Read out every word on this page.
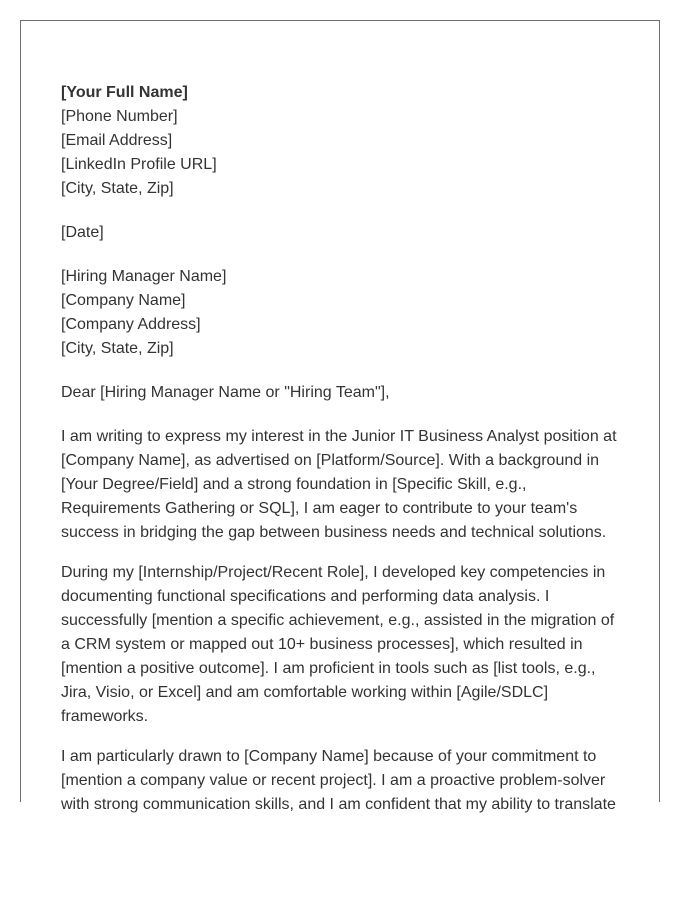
[Your Full Name]
[Phone Number]
[Email Address]
[LinkedIn Profile URL]
[City, State, Zip]
[Date]
[Hiring Manager Name]
[Company Name]
[Company Address]
[City, State, Zip]
Dear [Hiring Manager Name or "Hiring Team"],

I am writing to express my interest in the Junior IT Business Analyst position at [Company Name], as advertised on [Platform/Source]. With a background in [Your Degree/Field] and a strong foundation in [Specific Skill, e.g., Requirements Gathering or SQL], I am eager to contribute to your team's success in bridging the gap between business needs and technical solutions.

During my [Internship/Project/Recent Role], I developed key competencies in documenting functional specifications and performing data analysis. I successfully [mention a specific achievement, e.g., assisted in the migration of a CRM system or mapped out 10+ business processes], which resulted in [mention a positive outcome]. I am proficient in tools such as [list tools, e.g., Jira, Visio, or Excel] and am comfortable working within [Agile/SDLC] frameworks.

I am particularly drawn to [Company Name] because of your commitment to [mention a company value or recent project]. I am a proactive problem-solver with strong communication skills, and I am confident that my ability to translate
